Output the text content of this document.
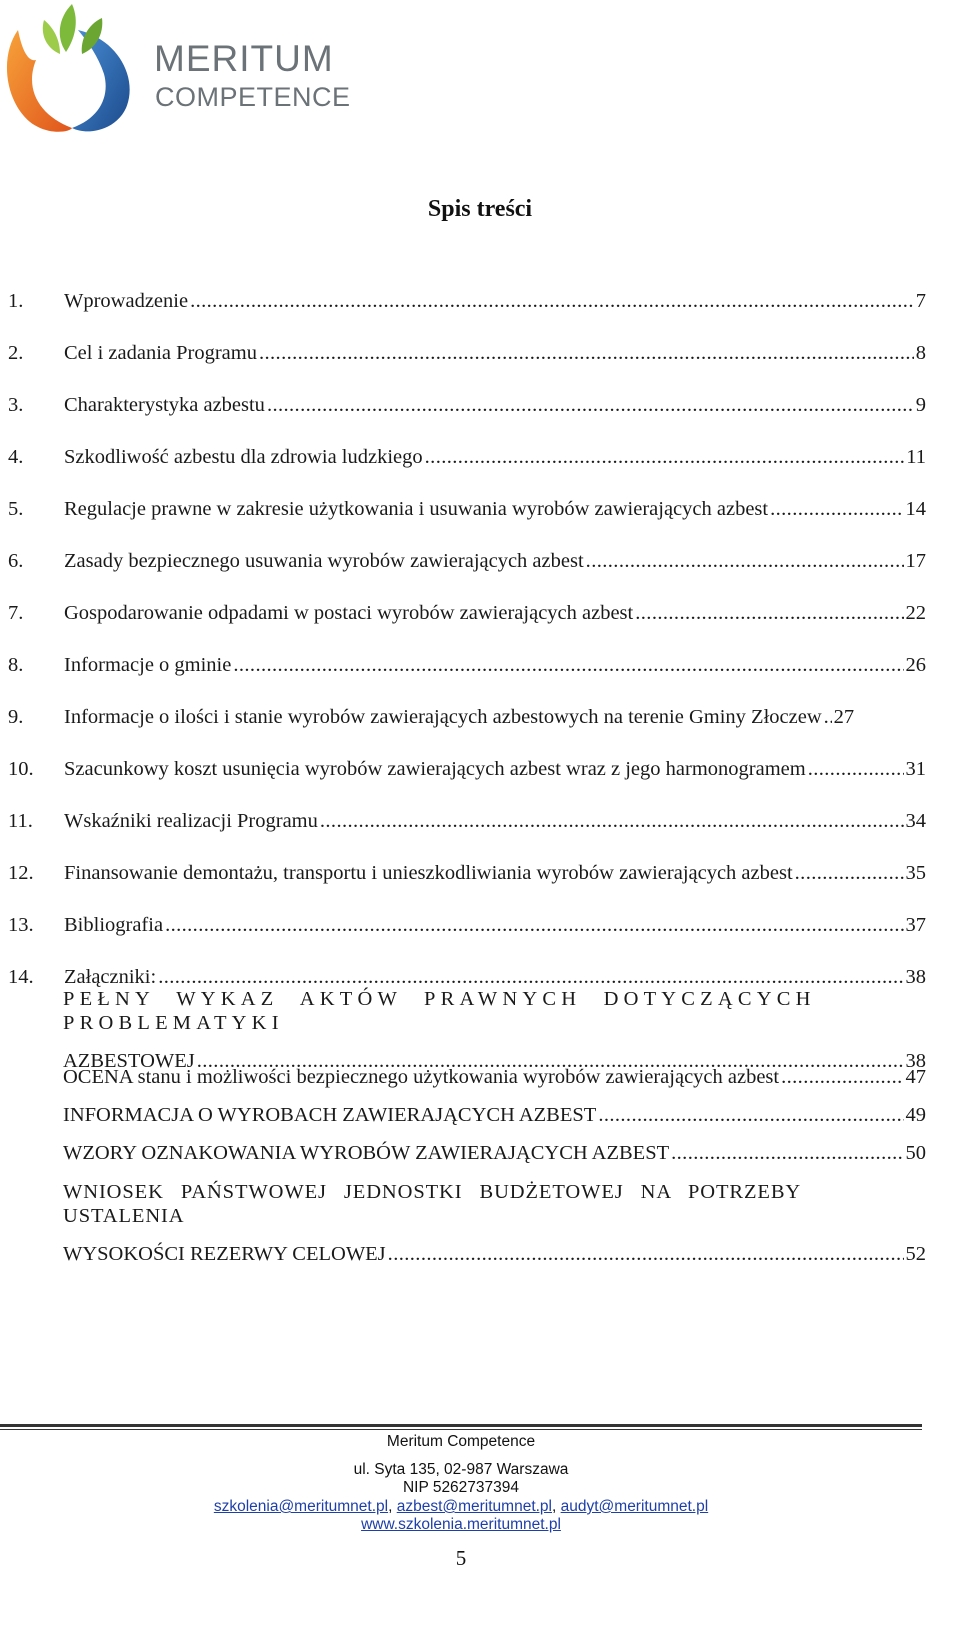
MERITUM
COMPETENCE
Spis treści
1.	Wprowadzenie .....	7
2.	Cel i zadania Programu .....	8
3.	Charakterystyka azbestu .....	9
4.	Szkodliwość azbestu dla zdrowia ludzkiego .....	11
5.	Regulacje prawne w zakresie użytkowania i usuwania wyrobów zawierających azbest .....	14
6.	Zasady bezpiecznego usuwania wyrobów zawierających azbest .....	17
7.	Gospodarowanie odpadami w postaci wyrobów zawierających azbest .....	22
8.	Informacje o gminie .....	26
9.	Informacje o ilości i stanie wyrobów zawierających azbestowych na terenie Gminy Złoczew ..... 27
10.	Szacunkowy koszt usunięcia wyrobów zawierających azbest wraz z jego harmonogramem .....	31
11.	Wskaźniki realizacji Programu .....	34
12.	Finansowanie demontażu, transportu i unieszkodliwiania wyrobów zawierających azbest .....	35
13.	Bibliografia .....	37
14.	Załączniki: .....	38
PEŁNY WYKAZ AKTÓW PRAWNYCH DOTYCZĄCYCH PROBLEMATYKI
AZBESTOWEJ .....	38
OCENA stanu i możliwości bezpiecznego użytkowania wyrobów zawierających azbest .....	47
INFORMACJA O WYROBACH ZAWIERAJĄCYCH AZBEST .....	49
WZORY OZNAKOWANIA WYROBÓW ZAWIERAJĄCYCH AZBEST .....	50
WNIOSEK PAŃSTWOWEJ JEDNOSTKI BUDŻETOWEJ NA POTRZEBY USTALENIA
WYSOKOŚCI REZERWY CELOWEJ .....	52
Meritum Competence
ul. Syta 135, 02-987 Warszawa
NIP 5262737394
szkolenia@meritumnet.pl, azbest@meritumnet.pl, audyt@meritumnet.pl
www.szkolenia.meritumnet.pl
5
